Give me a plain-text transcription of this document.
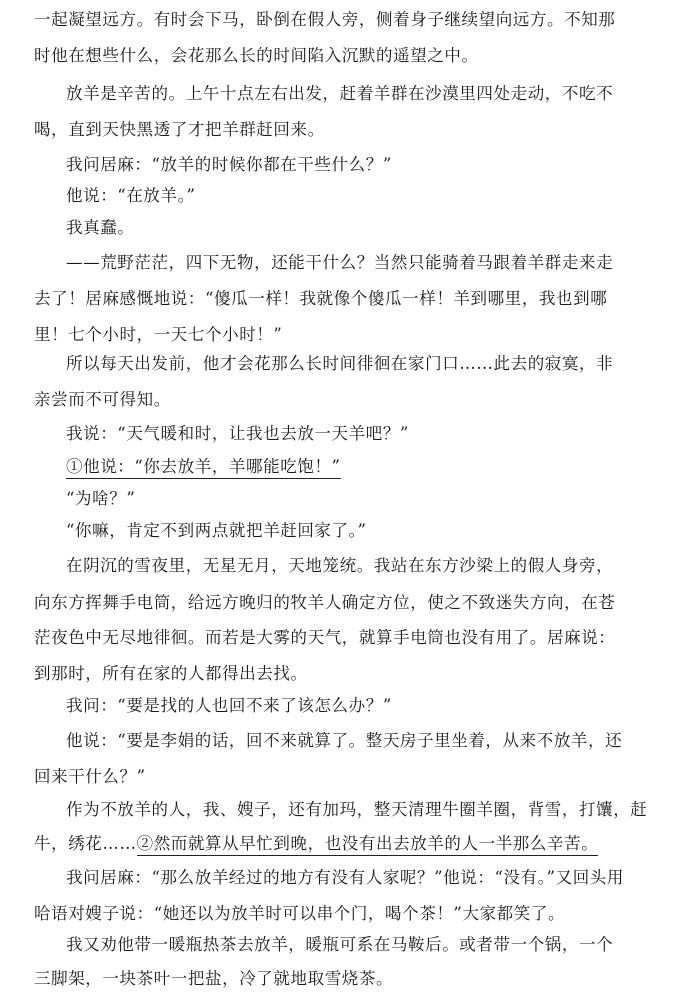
一起凝望远方。有时会下马，卧倒在假人旁，侧着身子继续望向远方。不知那
时他在想些什么，会花那么长的时间陷入沉默的遥望之中。
放羊是辛苦的。上午十点左右出发，赶着羊群在沙漠里四处走动，不吃不
喝，直到天快黑透了才把羊群赶回来。
我问居麻：“放羊的时候你都在干些什么？”
他说：“在放羊。”
我真蠢。
——荒野茫茫，四下无物，还能干什么？当然只能骑着马跟着羊群走来走
去了！居麻感慨地说：“傻瓜一样！我就像个傻瓜一样！羊到哪里，我也到哪
里！七个小时，一天七个小时！”
所以每天出发前，他才会花那么长时间徘徊在家门口……此去的寂寞，非
亲尝而不可得知。
我说：“天气暖和时，让我也去放一天羊吧？”
①他说：“你去放羊，羊哪能吃饱！”
“为啥？”
“你嘛，肯定不到两点就把羊赶回家了。”
在阴沉的雪夜里，无星无月，天地笼统。我站在东方沙梁上的假人身旁，
向东方挥舞手电筒，给远方晚归的牧羊人确定方位，使之不致迷失方向，在苍
茫夜色中无尽地徘徊。而若是大雾的天气，就算手电筒也没有用了。居麻说：
到那时，所有在家的人都得出去找。
我问：“要是找的人也回不来了该怎么办？”
他说：“要是李娟的话，回不来就算了。整天房子里坐着，从来不放羊，还
回来干什么？”
作为不放羊的人，我、嫂子，还有加玛，整天清理牛圈羊圈，背雪，打馕，赶
牛，绣花……②然而就算从早忙到晚，也没有出去放羊的人一半那么辛苦。
我问居麻：“那么放羊经过的地方有没有人家呢？”他说：“没有。”又回头用
哈语对嫂子说：“她还以为放羊时可以串个门，喝个茶！”大家都笑了。
我又劝他带一暖瓶热茶去放羊，暖瓶可系在马鞍后。或者带一个锅，一个
三脚架，一块茶叶一把盐，冷了就地取雪烧茶。
